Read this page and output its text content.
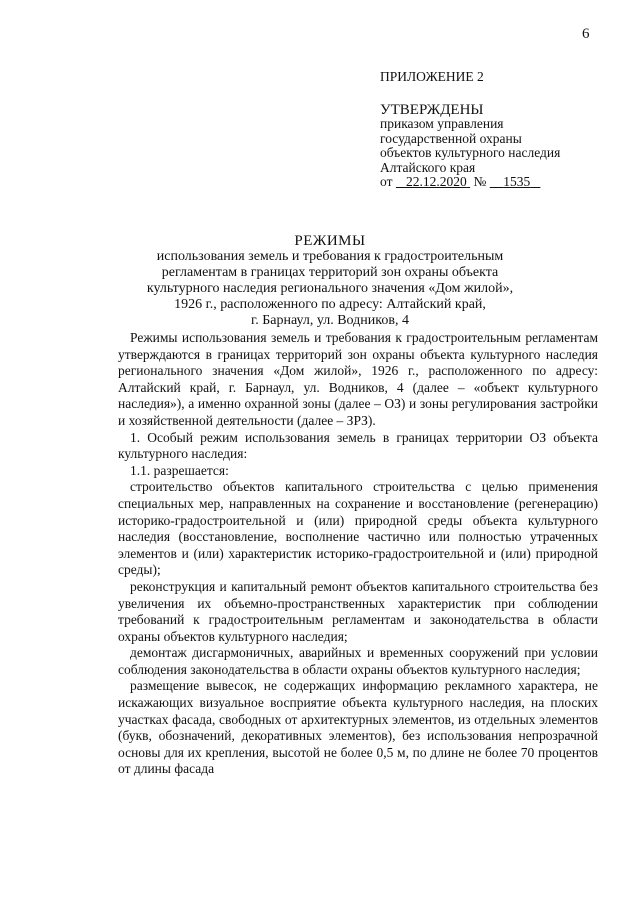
6

ПРИЛОЖЕНИЕ 2

УТВЕРЖДЕНЫ

приказом управления

государственной охраны

объектов культурного наследия

Алтайского края

от 22.12.2020 № 1535

РЕЖИМЫ
использования земель и требования к градостроительным
регламентам в границах территорий зон охраны объекта
культурного наследия регионального значения «Дом жилой»,
1926 г., расположенного по адресу: Алтайский край,
г. Барнаул, ул. Водников, 4

Режимы использования земель и требования к градостроительным регламентам утверждаются в границах территорий зон охраны объекта культурного наследия регионального значения «Дом жилой», 1926 г., расположенного по адресу: Алтайский край, г. Барнаул, ул. Водников, 4 (далее – «объект культурного наследия»), а именно охранной зоны (далее – ОЗ) и зоны регулирования застройки и хозяйственной деятельности (далее – ЗРЗ).

1. Особый режим использования земель в границах территории ОЗ объекта культурного наследия:

1.1. разрешается:

строительство объектов капитального строительства с целью применения специальных мер, направленных на сохранение и восстановление (регенерацию) историко-градостроительной и (или) природной среды объекта культурного наследия (восстановление, восполнение частично или полностью утраченных элементов и (или) характеристик историко-градостроительной и (или) природной среды);

реконструкция и капитальный ремонт объектов капитального строительства без увеличения их объемно-пространственных характеристик при соблюдении требований к градостроительным регламентам и законодательства в области охраны объектов культурного наследия;

демонтаж дисгармоничных, аварийных и временных сооружений при условии соблюдения законодательства в области охраны объектов культурного наследия;

размещение вывесок, не содержащих информацию рекламного характера, не искажающих визуальное восприятие объекта культурного наследия, на плоских участках фасада, свободных от архитектурных элементов, из отдельных элементов (букв, обозначений, декоративных элементов), без использования непрозрачной основы для их крепления, высотой не более 0,5 м, по длине не более 70 процентов от длины фасада
